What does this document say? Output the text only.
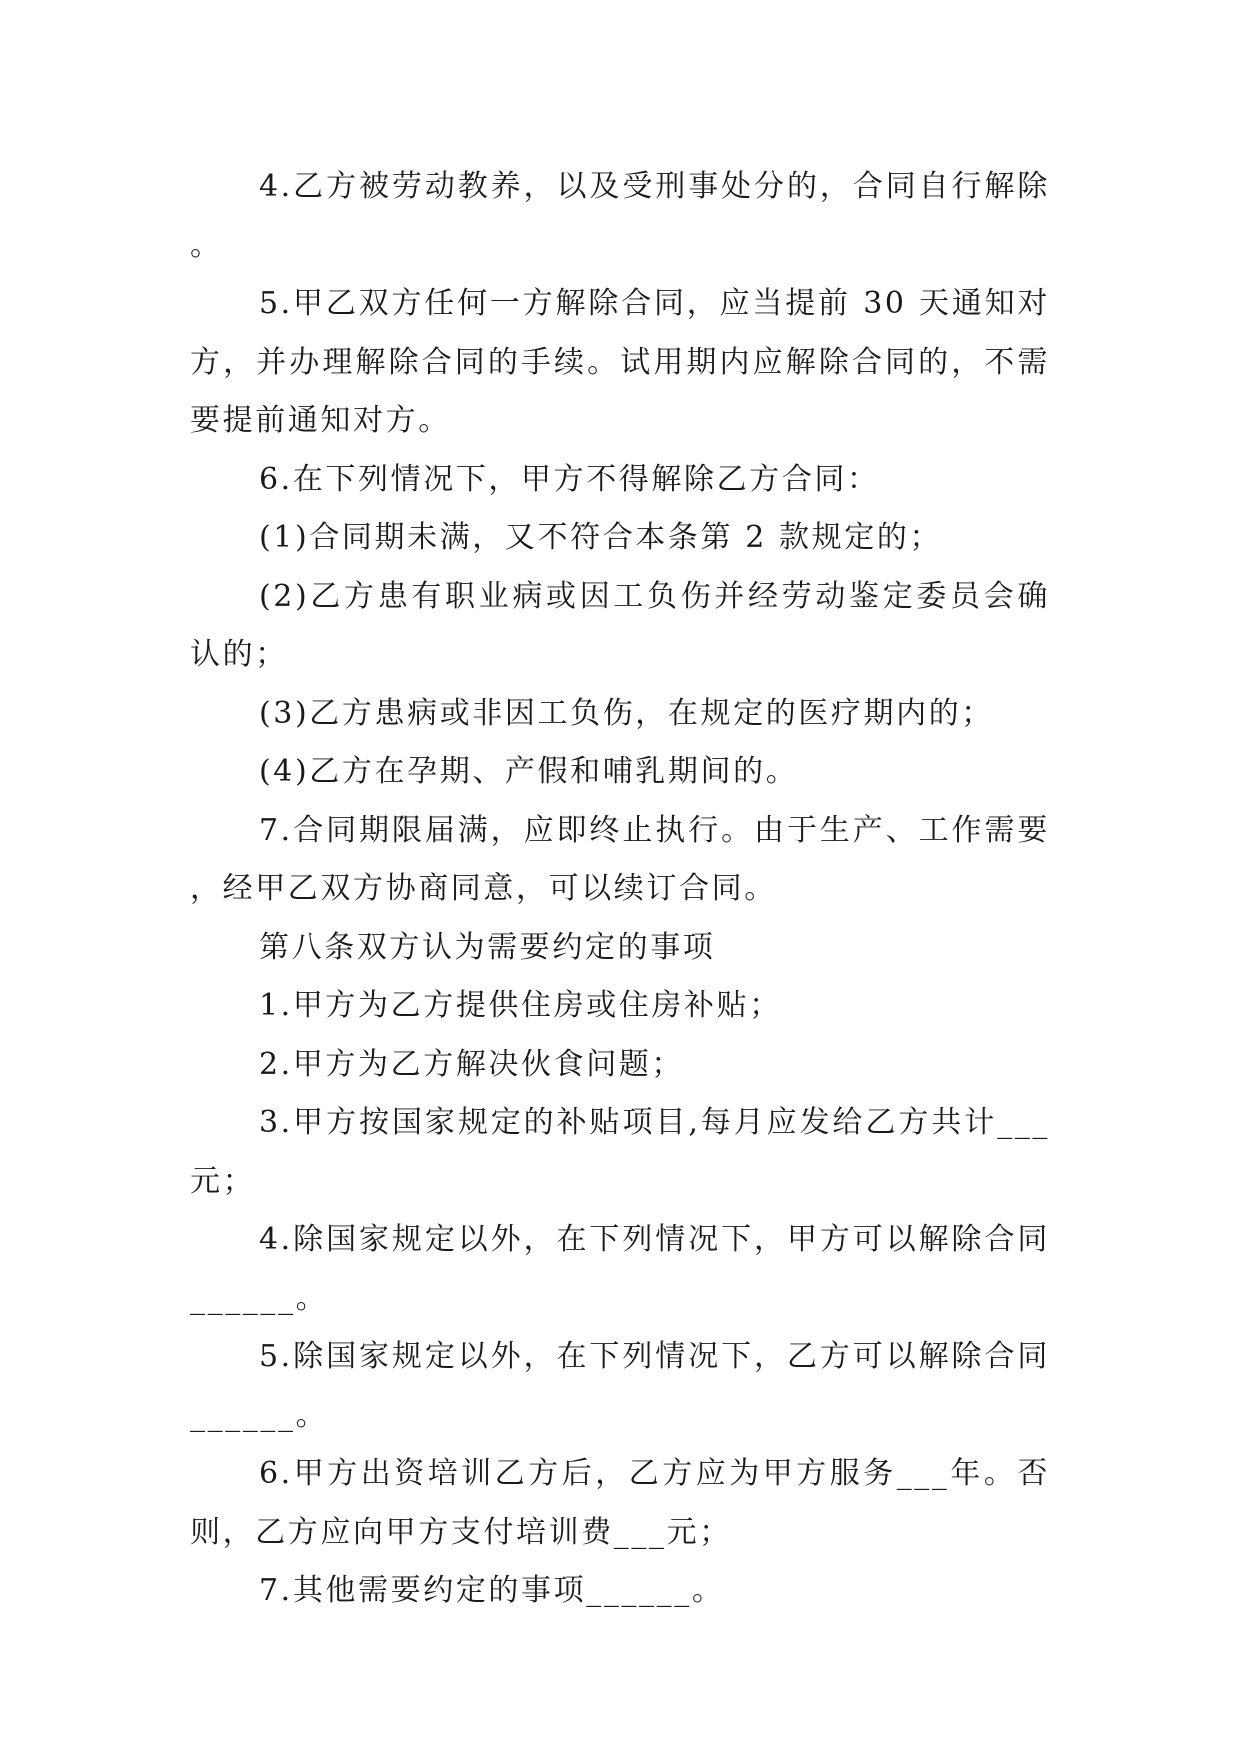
4.乙方被劳动教养，以及受刑事处分的，合同自行解除。

5.甲乙双方任何一方解除合同，应当提前 30 天通知对方，并办理解除合同的手续。试用期内应解除合同的，不需要提前通知对方。

6.在下列情况下，甲方不得解除乙方合同：

(1)合同期未满，又不符合本条第 2 款规定的；

(2)乙方患有职业病或因工负伤并经劳动鉴定委员会确认的；

(3)乙方患病或非因工负伤，在规定的医疗期内的；

(4)乙方在孕期、产假和哺乳期间的。

7.合同期限届满，应即终止执行。由于生产、工作需要，经甲乙双方协商同意，可以续订合同。

第八条双方认为需要约定的事项

1.甲方为乙方提供住房或住房补贴；

2.甲方为乙方解决伙食问题；

3.甲方按国家规定的补贴项目,每月应发给乙方共计___元；

4.除国家规定以外，在下列情况下，甲方可以解除合同______。

5.除国家规定以外，在下列情况下，乙方可以解除合同______。

6.甲方出资培训乙方后，乙方应为甲方服务___年。否则，乙方应向甲方支付培训费___元；

7.其他需要约定的事项______。
